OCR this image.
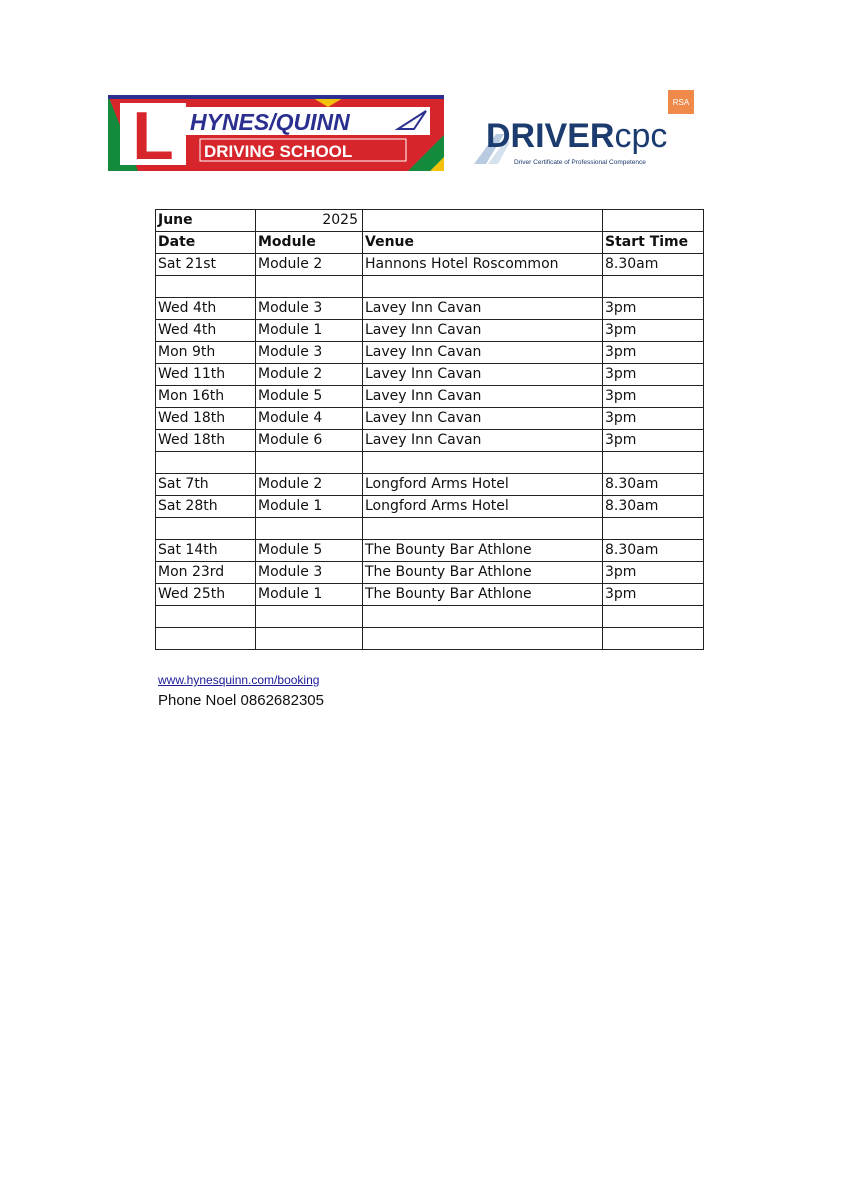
L HYNES/QUINN
DRIVING SCHOOL
RSA
DRIVERcpc
Driver Certificate of Professional Competence
June	2025		
Date	Module	Venue	Start Time
Sat 21st	Module 2	Hannons Hotel Roscommon	8.30am

Wed 4th	Module 3	Lavey Inn Cavan	3pm
Wed 4th	Module 1	Lavey Inn Cavan	3pm
Mon 9th	Module 3	Lavey Inn Cavan	3pm
Wed 11th	Module 2	Lavey Inn Cavan	3pm
Mon 16th	Module 5	Lavey Inn Cavan	3pm
Wed 18th	Module 4	Lavey Inn Cavan	3pm
Wed 18th	Module 6	Lavey Inn Cavan	3pm

Sat 7th	Module 2	Longford Arms Hotel	8.30am
Sat 28th	Module 1	Longford Arms Hotel	8.30am

Sat 14th	Module 5	The Bounty Bar Athlone	8.30am
Mon 23rd	Module 3	The Bounty Bar Athlone	3pm
Wed 25th	Module 1	The Bounty Bar Athlone	3pm

www.hynesquinn.com/booking
Phone Noel 0862682305
